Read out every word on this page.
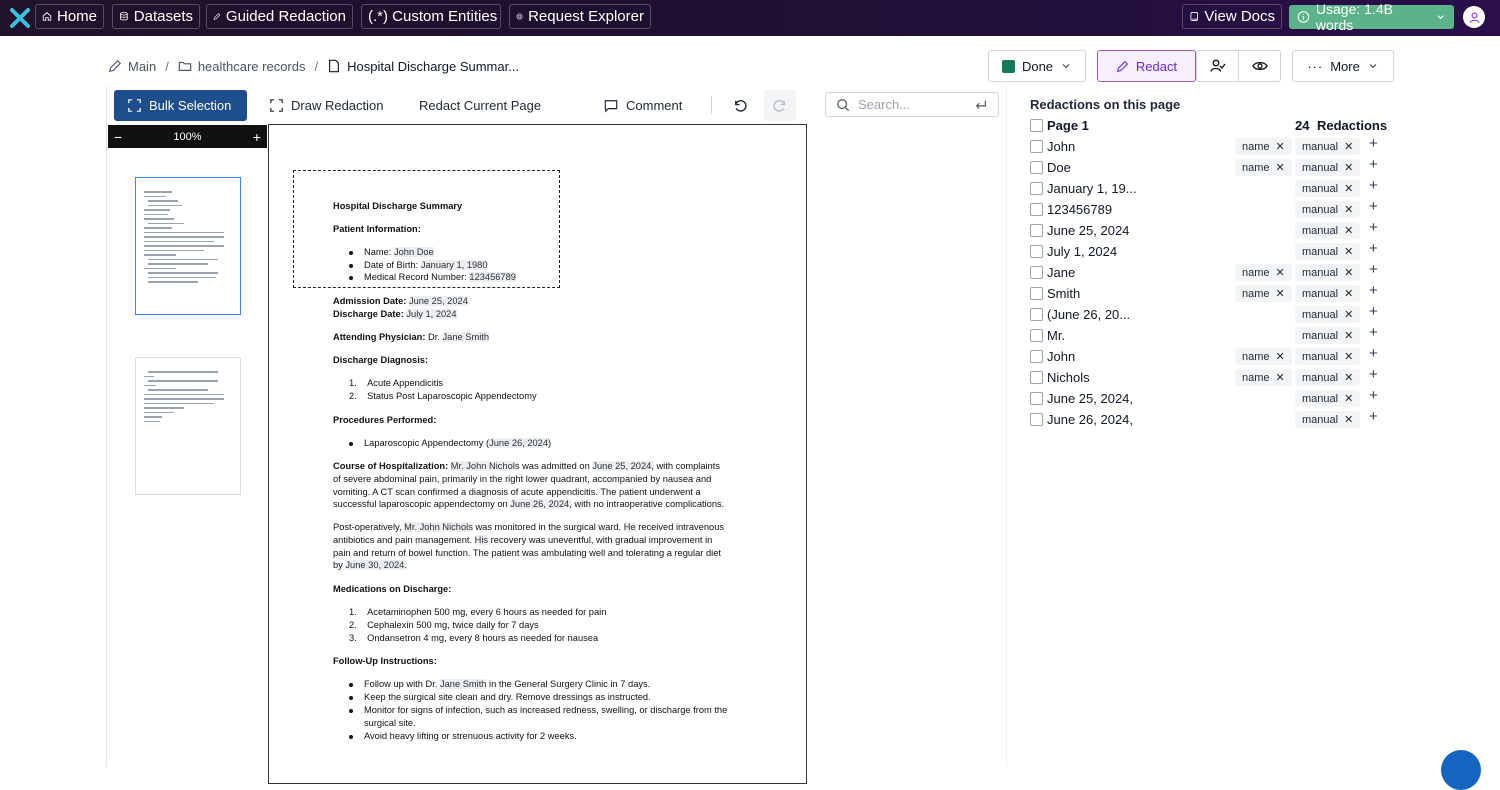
Home Datasets Guided Redaction (.*) Custom Entities Request Explorer	View Docs	Usage: 1.4B words
Main / healthcare records / Hospital Discharge Summar...	Done	Redact	··· More
Bulk Selection	Draw Redaction	Redact Current Page	Comment	Search...
−	100%	+
Hospital Discharge Summary
Patient Information:
Name: John Doe
Date of Birth: January 1, 1980
Medical Record Number: 123456789
Admission Date: June 25, 2024
Discharge Date: July 1, 2024
Attending Physician: Dr. Jane Smith
Discharge Diagnosis:
1.    Acute Appendicitis
2.    Status Post Laparoscopic Appendectomy
Procedures Performed:
Laparoscopic Appendectomy (June 26, 2024)
Course of Hospitalization: Mr. John Nichols was admitted on June 25, 2024, with complaints
of severe abdominal pain, primarily in the right lower quadrant, accompanied by nausea and
vomiting. A CT scan confirmed a diagnosis of acute appendicitis. The patient underwent a
successful laparoscopic appendectomy on June 26, 2024, with no intraoperative complications.
Post-operatively, Mr. John Nichols was monitored in the surgical ward. He received intravenous
antibiotics and pain management. His recovery was uneventful, with gradual improvement in
pain and return of bowel function. The patient was ambulating well and tolerating a regular diet
by June 30, 2024.
Medications on Discharge:
1.    Acetaminophen 500 mg, every 6 hours as needed for pain
2.    Cephalexin 500 mg, twice daily for 7 days
3.    Ondansetron 4 mg, every 8 hours as needed for nausea
Follow-Up Instructions:
Follow up with Dr. Jane Smith in the General Surgery Clinic in 7 days.
Keep the surgical site clean and dry. Remove dressings as instructed.
Monitor for signs of infection, such as increased redness, swelling, or discharge from the
surgical site.
Avoid heavy lifting or strenuous activity for 2 weeks.
Redactions on this page
Page 1	24 Redactions
John	name ✕ manual ✕ +
Doe	name ✕ manual ✕ +
January 1, 19...	manual ✕ +
123456789	manual ✕ +
June 25, 2024	manual ✕ +
July 1, 2024	manual ✕ +
Jane	name ✕ manual ✕ +
Smith	name ✕ manual ✕ +
(June 26, 20...	manual ✕ +
Mr.	manual ✕ +
John	name ✕ manual ✕ +
Nichols	name ✕ manual ✕ +
June 25, 2024,	manual ✕ +
June 26, 2024,	manual ✕ +
